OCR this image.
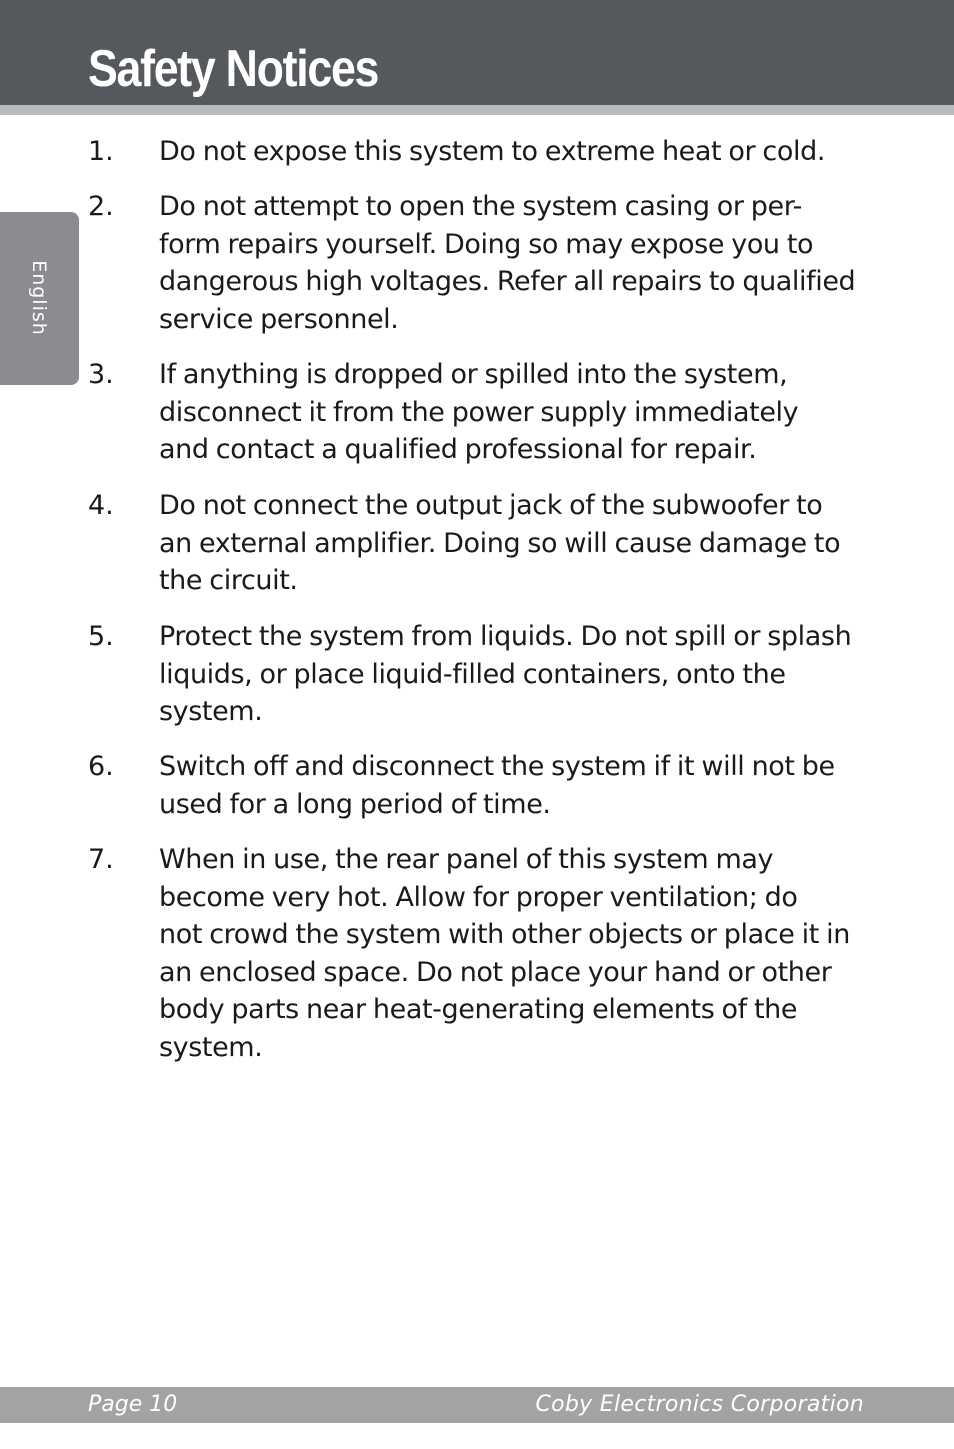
Safety Notices
English
1. Do not expose this system to extreme heat or cold.
2. Do not attempt to open the system casing or per-
form repairs yourself. Doing so may expose you to
dangerous high voltages. Refer all repairs to qualified
service personnel.
3. If anything is dropped or spilled into the system,
disconnect it from the power supply immediately
and contact a qualified professional for repair.
4. Do not connect the output jack of the subwoofer to
an external amplifier. Doing so will cause damage to
the circuit.
5. Protect the system from liquids. Do not spill or splash
liquids, or place liquid-filled containers, onto the
system.
6. Switch off and disconnect the system if it will not be
used for a long period of time.
7. When in use, the rear panel of this system may
become very hot. Allow for proper ventilation; do
not crowd the system with other objects or place it in
an enclosed space. Do not place your hand or other
body parts near heat-generating elements of the
system.
Page 10	Coby Electronics Corporation
